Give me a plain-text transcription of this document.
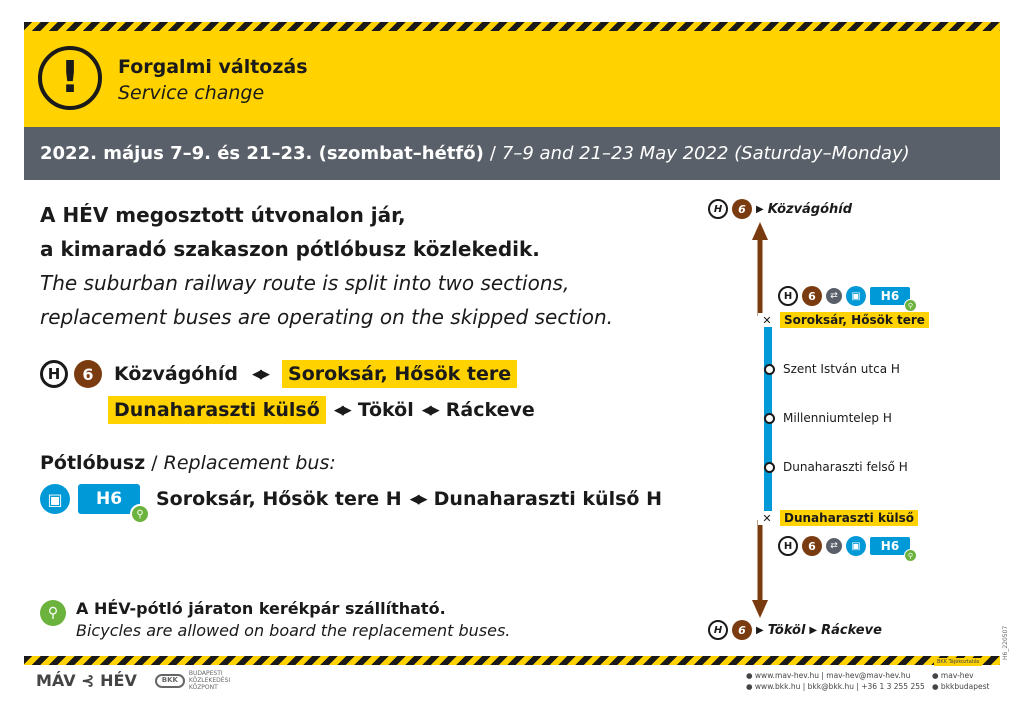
! Forgalmi változás
Service change
2022. május 7–9. és 21–23. (szombat–hétfő) / 7–9 and 21–23 May 2022 (Saturday–Monday)
A HÉV megosztott útvonalon jár,
a kimaradó szakaszon pótlóbusz közlekedik.
The suburban railway route is split into two sections,
replacement buses are operating on the skipped section.
H	6	Közvágóhíd ◀▶	Soroksár, Hősök tere
Dunaharaszti külső	◀▶ Tököl ◀▶ Ráckeve
Pótlóbusz / Replacement bus:
▣	H6
⚲
Soroksár, Hősök tere H ◀▶ Dunaharaszti külső H
⚲	A HÉV-pótló járaton kerékpár szállítható.
Bicycles are allowed on board the replacement buses.
H	6	▶ Közvágóhíd
H	6	⇄	▣	H6
⚲
✕	Soroksár, Hősök tere
Szent István utca H
Millenniumtelep H
Dunaharaszti felső H
✕	Dunaharaszti külső
H	6	⇄	▣	H6
⚲
H	6	▶ Tököl ▶ Ráckeve
BKK Tájékoztatás
H6_220507
MÁV ⊰ HÉV	BKK
BUDAPESTI
KÖZLEKEDÉSI
KÖZPONT
● www.mav-hev.hu | mav-hev@mav-hev.hu
● www.bkk.hu | bkk@bkk.hu | +36 1 3 255 255
● mav-hev
● bkkbudapest
